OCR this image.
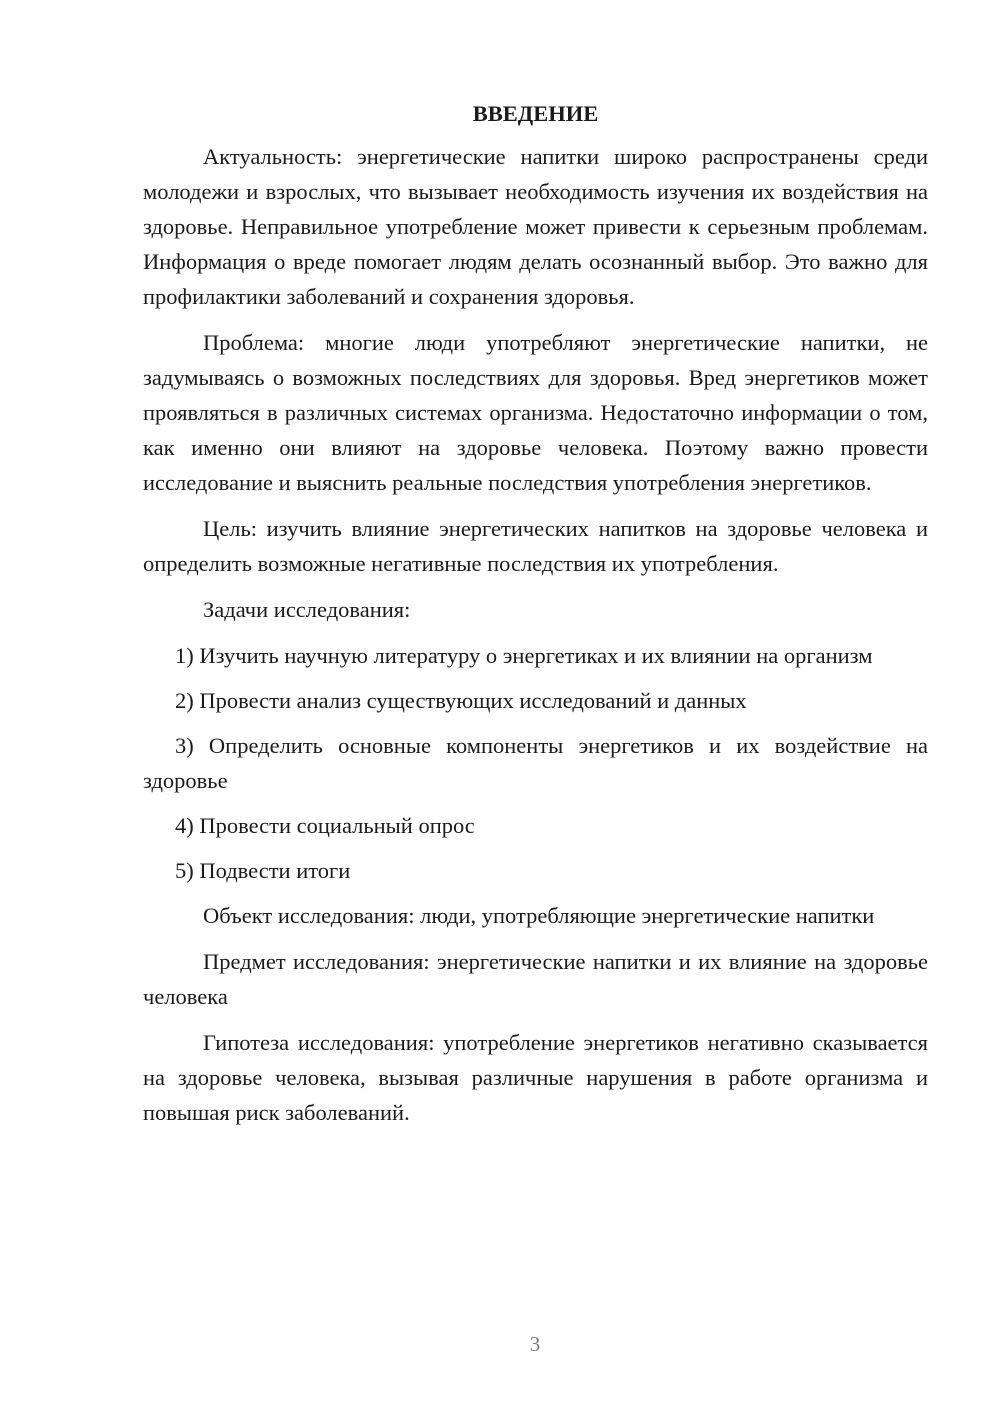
ВВЕДЕНИЕ

Актуальность: энергетические напитки широко распространены среди молодежи и взрослых, что вызывает необходимость изучения их воздействия на здоровье. Неправильное употребление может привести к серьезным проблемам. Информация о вреде помогает людям делать осознанный выбор. Это важно для профилактики заболеваний и сохранения здоровья.

Проблема: многие люди употребляют энергетические напитки, не задумываясь о возможных последствиях для здоровья. Вред энергетиков может проявляться в различных системах организма. Недостаточно информации о том, как именно они влияют на здоровье человека. Поэтому важно провести исследование и выяснить реальные последствия употребления энергетиков.

Цель: изучить влияние энергетических напитков на здоровье человека и определить возможные негативные последствия их употребления.

Задачи исследования:

1) Изучить научную литературу о энергетиках и их влиянии на организм

2) Провести анализ существующих исследований и данных

3) Определить основные компоненты энергетиков и их воздействие на здоровье

4) Провести социальный опрос

5) Подвести итоги

Объект исследования: люди, употребляющие энергетические напитки

Предмет исследования: энергетические напитки и их влияние на здоровье человека

Гипотеза исследования: употребление энергетиков негативно сказывается на здоровье человека, вызывая различные нарушения в работе организма и повышая риск заболеваний.

3
